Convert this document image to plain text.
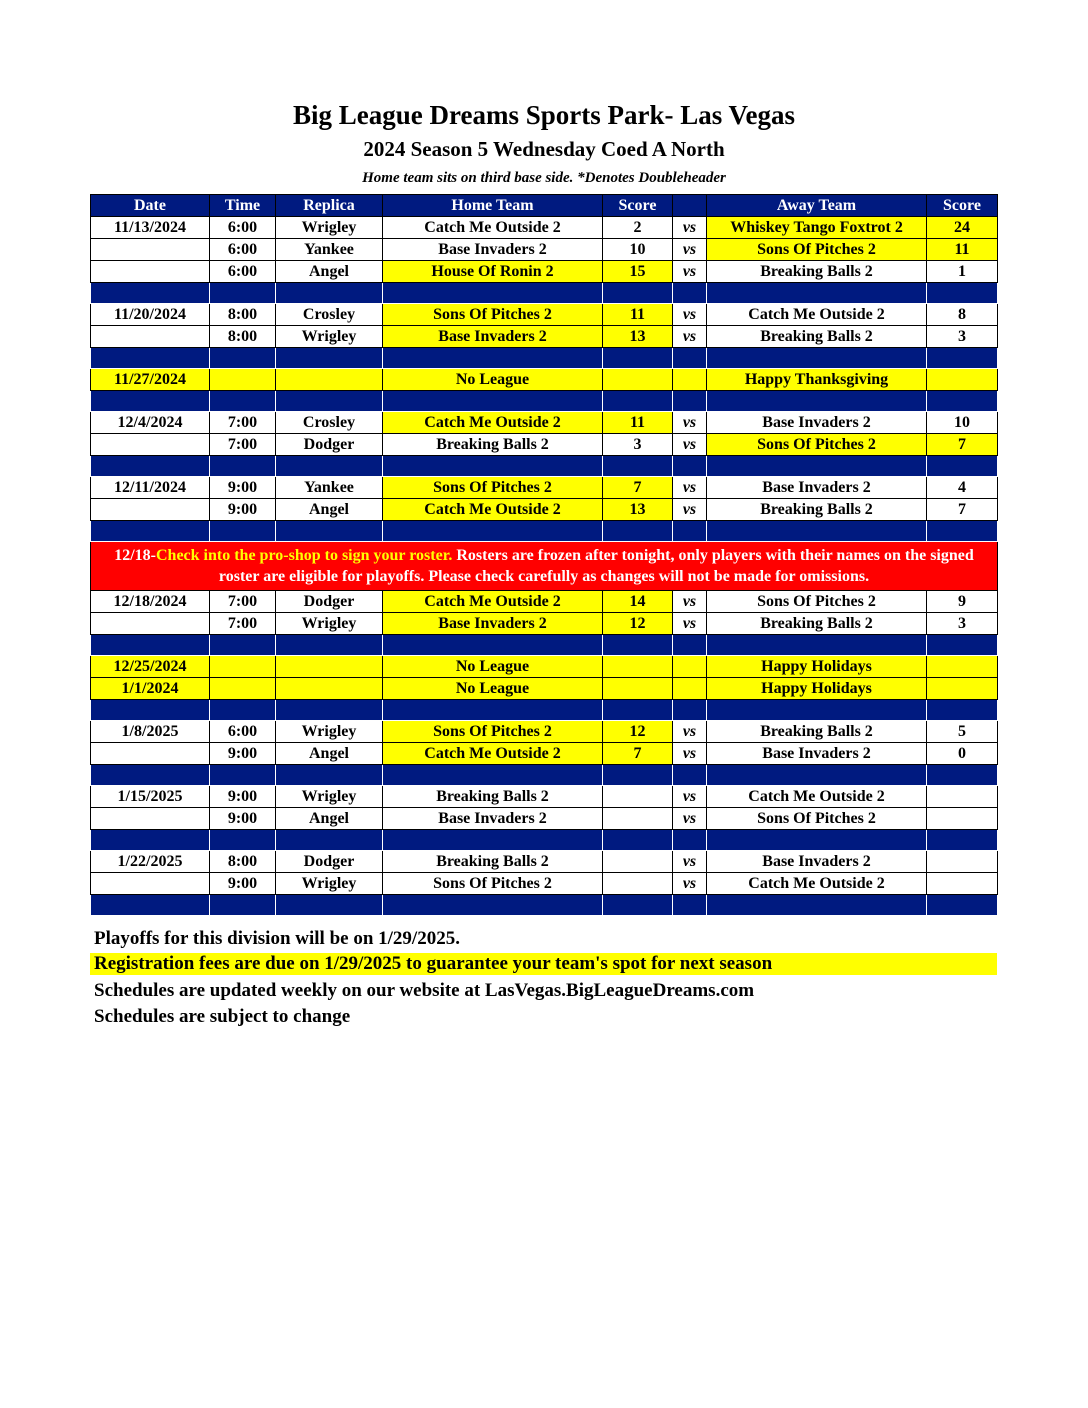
Big League Dreams Sports Park- Las Vegas
2024 Season 5 Wednesday Coed A North
Home team sits on third base side. *Denotes Doubleheader
Date	Time	Replica	Home Team	Score		Away Team	Score
11/13/2024	6:00	Wrigley	Catch Me Outside 2	2	vs	Whiskey Tango Foxtrot 2	24
	6:00	Yankee	Base Invaders 2	10	vs	Sons Of Pitches 2	11
	6:00	Angel	House Of Ronin 2	15	vs	Breaking Balls 2	1

11/20/2024	8:00	Crosley	Sons Of Pitches 2	11	vs	Catch Me Outside 2	8
	8:00	Wrigley	Base Invaders 2	13	vs	Breaking Balls 2	3

11/27/2024			No League			Happy Thanksgiving	

12/4/2024	7:00	Crosley	Catch Me Outside 2	11	vs	Base Invaders 2	10
	7:00	Dodger	Breaking Balls 2	3	vs	Sons Of Pitches 2	7

12/11/2024	9:00	Yankee	Sons Of Pitches 2	7	vs	Base Invaders 2	4
	9:00	Angel	Catch Me Outside 2	13	vs	Breaking Balls 2	7

12/18-Check into the pro-shop to sign your roster. Rosters are frozen after tonight, only players with their names on the signed roster are eligible for playoffs. Please check carefully as changes will not be made for omissions.							
12/18/2024	7:00	Dodger	Catch Me Outside 2	14	vs	Sons Of Pitches 2	9
	7:00	Wrigley	Base Invaders 2	12	vs	Breaking Balls 2	3

12/25/2024			No League			Happy Holidays	
1/1/2024			No League			Happy Holidays	

1/8/2025	6:00	Wrigley	Sons Of Pitches 2	12	vs	Breaking Balls 2	5
	9:00	Angel	Catch Me Outside 2	7	vs	Base Invaders 2	0

1/15/2025	9:00	Wrigley	Breaking Balls 2		vs	Catch Me Outside 2	
	9:00	Angel	Base Invaders 2		vs	Sons Of Pitches 2	

1/22/2025	8:00	Dodger	Breaking Balls 2		vs	Base Invaders 2	
	9:00	Wrigley	Sons Of Pitches 2		vs	Catch Me Outside 2	

Playoffs for this division will be on 1/29/2025.
Registration fees are due on 1/29/2025 to guarantee your team's spot for next season
Schedules are updated weekly on our website at LasVegas.BigLeagueDreams.com
Schedules are subject to change
